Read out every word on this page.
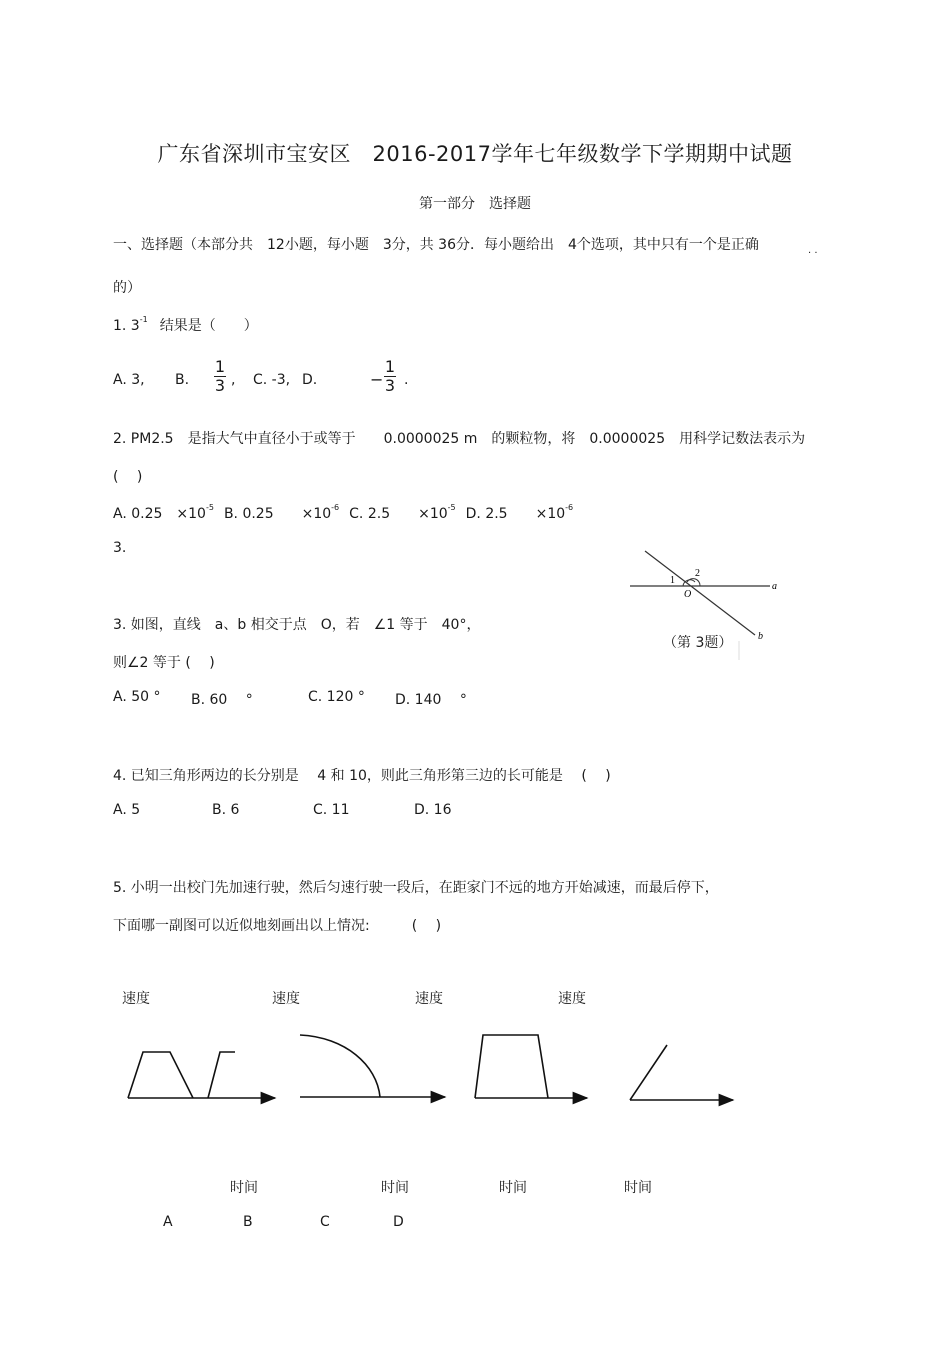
广东省深圳市宝安区　2016-2017学年七年级数学下学期期中试题
第一部分　选择题
一、选择题（本部分共　12小题，每小题　3分，共 36分．每小题给出　4个选项，其中只有一个是正确
· ·
的）
1. $3^{-1}$ 结果是（　　）
A. 3, B. $\frac{1}{3}$ , C. -3, D.	− $\frac{1}{3}$ .
2. PM2.5　是指大气中直径小于或等于　　0.0000025 m　的颗粒物，将　0.0000025　用科学记数法表示为
(　 )
A. 0.25　$\times 10^{-5}$ B. 0.25　　$\times 10^{-6}$ C. 2.5　　$\times 10^{-5}$ D. 2.5　　$\times 10^{-6}$
3.
1
2
O
a
b
（第 3题）
3. 如图，直线　a、b 相交于点　O，若　∠1 等于　40°，
则∠2 等于 (　 )
A. 50 ° B. 60　 °	C. 120 ° D. 140　 °
4. 已知三角形两边的长分别是　 4 和 10，则此三角形第三边的长可能是　 (　 )
A. 5	B. 6	C. 11	D. 16
5. 小明一出校门先加速行驶，然后匀速行驶一段后，在距家门不远的地方开始减速，而最后停下，
下面哪一副图可以近似地刻画出以上情况:　　　(　 )
速度	速度	速度	速度
时间	时间	时间	时间
A	B	C	D
